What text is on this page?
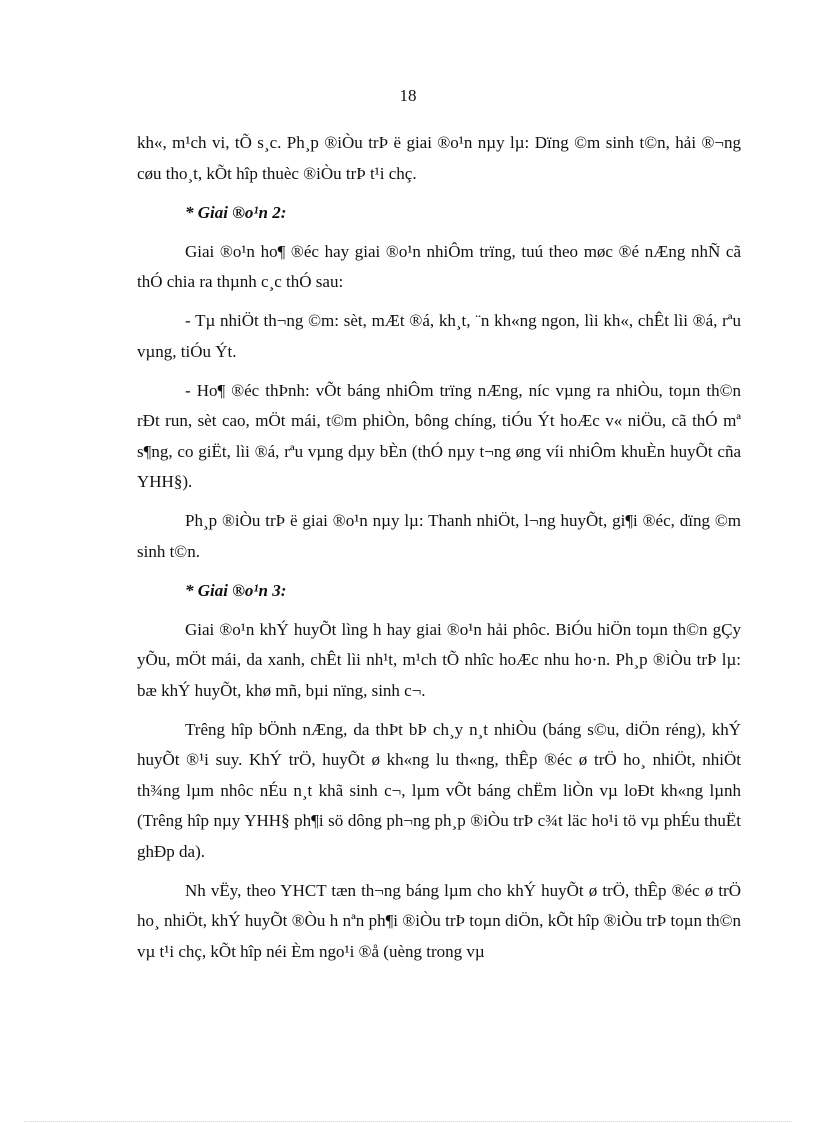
18

kh«, m¹ch vi, tÕ s¸c. Ph¸p ®iÒu trÞ ë giai ®o¹n nµy lµ: Dïng ©m sinh t©n, hải ®¬ng cøu tho¸t, kÕt hîp thuèc ®iÒu trÞ t¹i chç.

* Giai ®o¹n 2:

Giai ®o¹n ho¶ ®éc hay giai ®o¹n nhiÔm trïng, tuú theo møc ®é nÆng nhÑ cã thÓ chia ra thµnh c¸c thÓ sau:

- Tµ nhiÖt th¬ng ©m: sèt, mÆt ®á, kh¸t, ¨n kh«ng ngon, lìi kh«, chÊt lìi ®á, rªu vµng, tiÓu Ýt.

- Ho¶ ®éc thÞnh: vÕt báng nhiÔm trïng nÆng, níc vµng ra nhiÒu, toµn th©n rÐt run, sèt cao, mÖt mái, t©m phiÒn, bông chíng, tiÓu Ýt hoÆc v« niÖu, cã thÓ mª s¶ng, co giËt, lìi ®á, rªu vµng dµy bÈn (thÓ nµy t¬ng øng víi nhiÔm khuÈn huyÕt cña YHH§).

Ph¸p ®iÒu trÞ ë giai ®o¹n nµy lµ: Thanh nhiÖt, l¬ng huyÕt, gi¶i ®éc, dïng ©m sinh t©n.

* Giai ®o¹n 3:

Giai ®o¹n khÝ huyÕt lìng h hay giai ®o¹n hải phôc. BiÓu hiÖn toµn th©n gÇy yÕu, mÖt mái, da xanh, chÊt lìi nh¹t, m¹ch tÕ nhîc hoÆc nhu ho·n. Ph¸p ®iÒu trÞ lµ: bæ khÝ huyÕt, khø mñ, bµi nïng, sinh c¬.

Trêng hîp bÖnh nÆng, da thÞt bÞ ch¸y n¸t nhiÒu (báng s©u, diÖn réng), khÝ huyÕt ®¹i suy. KhÝ trÖ, huyÕt ø kh«ng lu th«ng, thÊp ®éc ø trÖ ho¸ nhiÖt, nhiÖt th¾ng lµm nhôc nÉu n¸t khã sinh c¬, lµm vÕt báng chËm liÒn vµ loÐt kh«ng lµnh (Trêng hîp nµy YHH§ ph¶i sö dông ph¬ng ph¸p ®iÒu trÞ c¾t läc ho¹i tö vµ phÉu thuËt ghÐp da).

Nh vËy, theo YHCT tæn th¬ng báng lµm cho khÝ huyÕt ø trÖ, thÊp ®éc ø trÖ ho¸ nhiÖt, khÝ huyÕt ®Òu h nªn ph¶i ®iÒu trÞ toµn diÖn, kÕt hîp ®iÒu trÞ toµn th©n vµ t¹i chç, kÕt hîp néi Èm ngo¹i ®å (uèng trong vµ
